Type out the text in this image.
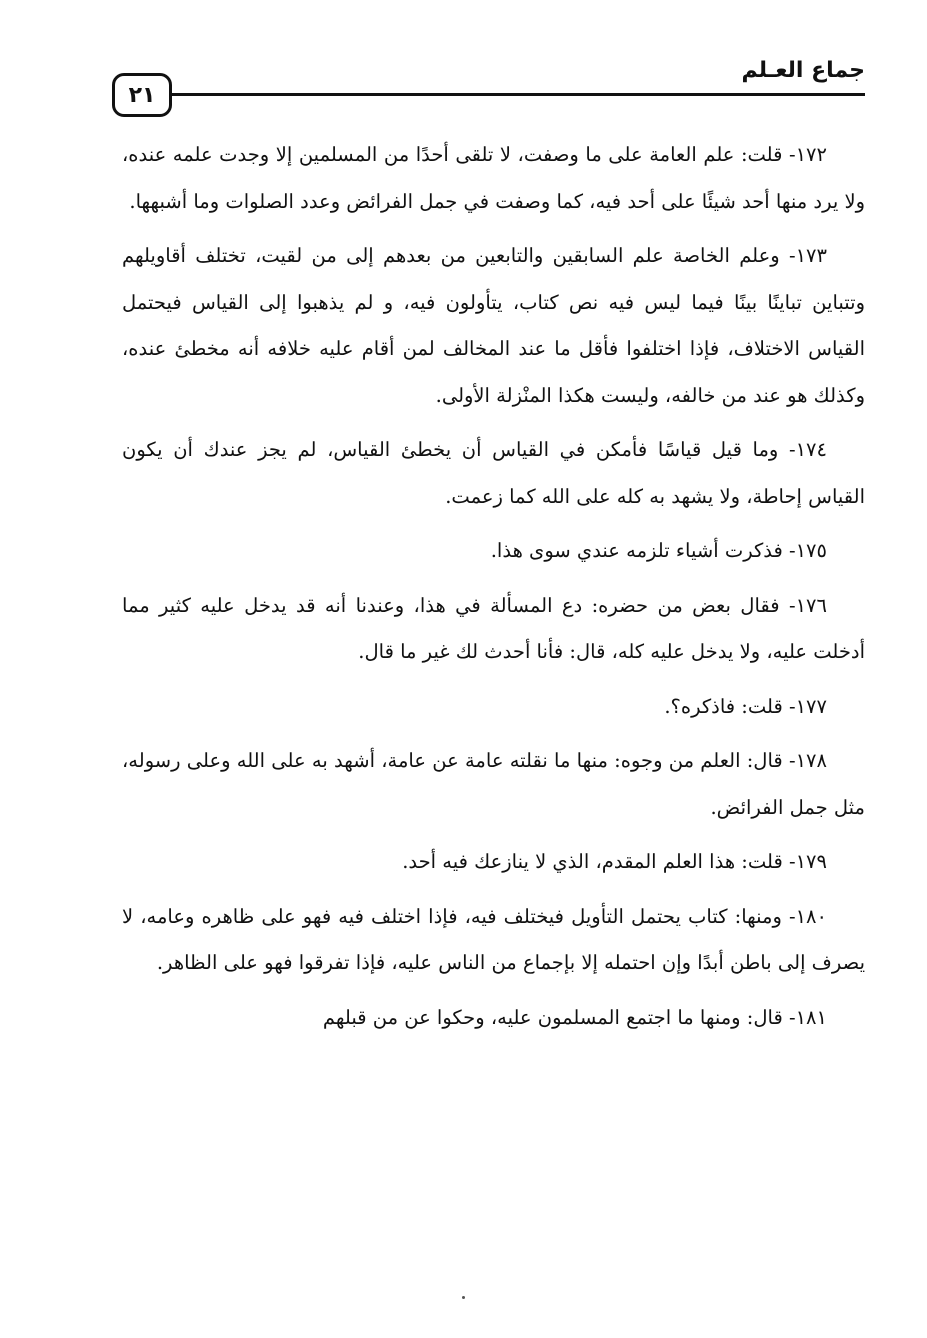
جماع العـلم
٢١

١٧٢- قلت: علم العامة على ما وصفت، لا تلقى أحدًا من المسلمين إلا وجدت علمه عنده، ولا يرد منها أحد شيئًا على أحد فيه، كما وصفت في جمل الفرائض وعدد الصلوات وما أشبهها.

١٧٣- وعلم الخاصة علم السابقين والتابعين من بعدهم إلى من لقيت، تختلف أقاويلهم وتتباين تباينًا بينًا فيما ليس فيه نص كتاب، يتأولون فيه، و لم يذهبوا إلى القياس فيحتمل القياس الاختلاف، فإذا اختلفوا فأقل ما عند المخالف لمن أقام عليه خلافه أنه مخطئ عنده، وكذلك هو عند من خالفه، وليست هكذا المنْزلة الأولى.

١٧٤- وما قيل قياسًا فأمكن في القياس أن يخطئ القياس، لم يجز عندك أن يكون القياس إحاطة، ولا يشهد به كله على الله كما زعمت.

١٧٥- فذكرت أشياء تلزمه عندي سوى هذا.

١٧٦- فقال بعض من حضره: دع المسألة في هذا، وعندنا أنه قد يدخل عليه كثير مما أدخلت عليه، ولا يدخل عليه كله، قال: فأنا أحدث لك غير ما قال.

١٧٧- قلت: فاذكره؟.

١٧٨- قال: العلم من وجوه: منها ما نقلته عامة عن عامة، أشهد به على الله وعلى رسوله، مثل جمل الفرائض.

١٧٩- قلت: هذا العلم المقدم، الذي لا ينازعك فيه أحد.

١٨٠- ومنها: كتاب يحتمل التأويل فيختلف فيه، فإذا اختلف فيه فهو على ظاهره وعامه، لا يصرف إلى باطن أبدًا وإن احتمله إلا بإجماع من الناس عليه، فإذا تفرقوا فهو على الظاهر.

١٨١- قال: ومنها ما اجتمع المسلمون عليه، وحكوا عن من قبلهم
